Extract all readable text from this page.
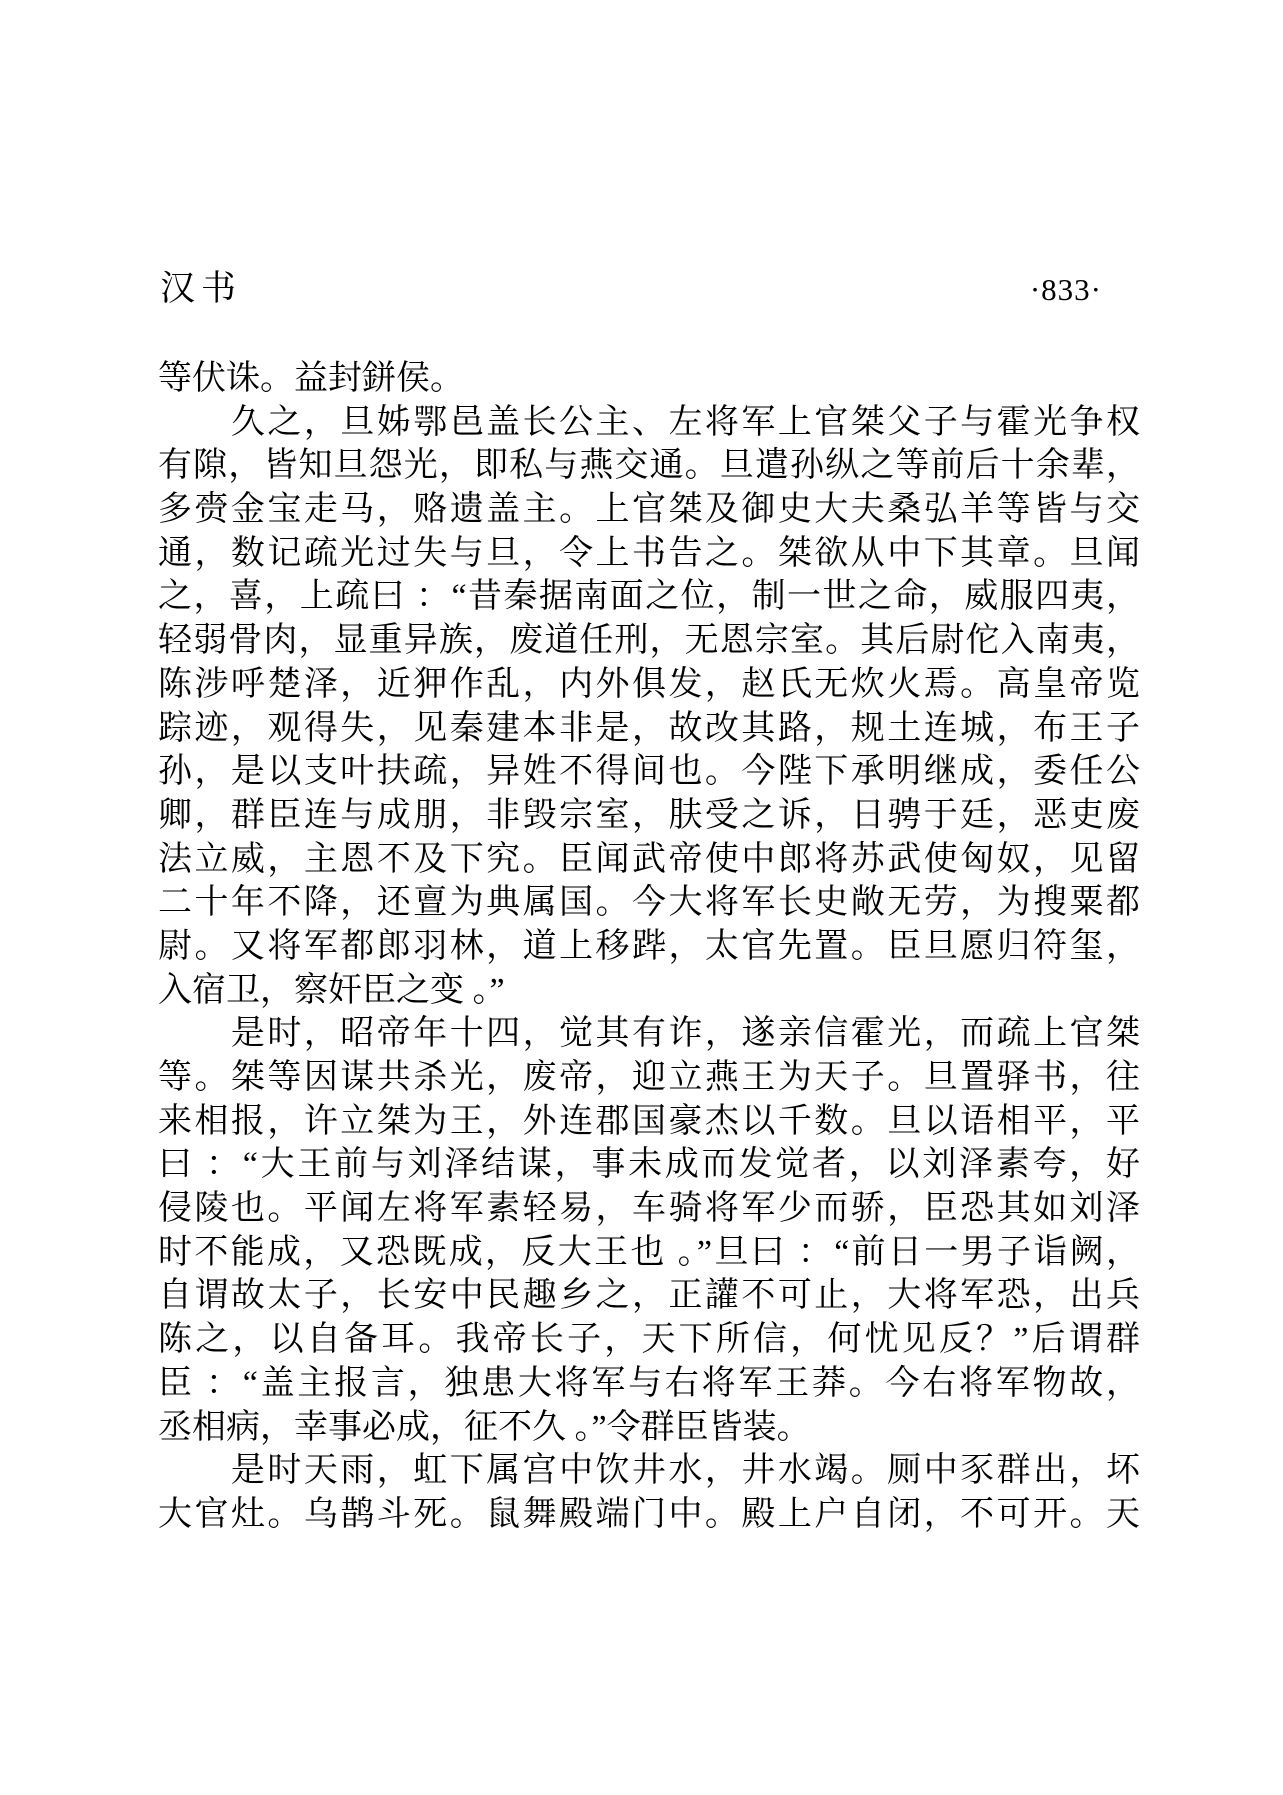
汉书	·833·
等伏诛。益封鉼侯。
　　久之，旦姊鄂邑盖长公主、左将军上官桀父子与霍光争权
有隙，皆知旦怨光，即私与燕交通。旦遣孙纵之等前后十余辈，
多赍金宝走马，赂遗盖主。上官桀及御史大夫桑弘羊等皆与交
通，数记疏光过失与旦，令上书告之。桀欲从中下其章。旦闻
之，喜，上疏曰 ：“昔秦据南面之位，制一世之命，威服四夷，
轻弱骨肉，显重异族，废道任刑，无恩宗室。其后尉佗入南夷，
陈涉呼楚泽，近狎作乱，内外俱发，赵氏无炊火焉。高皇帝览
踪迹，观得失，见秦建本非是，故改其路，规土连城，布王子
孙，是以支叶扶疏，异姓不得间也。今陛下承明继成，委任公
卿，群臣连与成朋，非毁宗室，肤受之诉，日骋于廷，恶吏废
法立威，主恩不及下究。臣闻武帝使中郎将苏武使匈奴，见留
二十年不降，还亶为典属国。今大将军长史敞无劳，为搜粟都
尉。又将军都郎羽林，道上移跸，太官先置。臣旦愿归符玺，
入宿卫，察奸臣之变 。”
　　是时，昭帝年十四，觉其有诈，遂亲信霍光，而疏上官桀
等。桀等因谋共杀光，废帝，迎立燕王为天子。旦置驿书，往
来相报，许立桀为王，外连郡国豪杰以千数。旦以语相平，平
曰 ：“大王前与刘泽结谋，事未成而发觉者，以刘泽素夸，好
侵陵也。平闻左将军素轻易，车骑将军少而骄，臣恐其如刘泽
时不能成，又恐既成，反大王也 。”旦曰 ：“前日一男子诣阙，
自谓故太子，长安中民趣乡之，正讙不可止，大将军恐，出兵
陈之，以自备耳。我帝长子，天下所信，何忧见反？”后谓群
臣 ：“盖主报言，独患大将军与右将军王莽。今右将军物故，
丞相病，幸事必成，征不久 。”令群臣皆装。
　　是时天雨，虹下属宫中饮井水，井水竭。厕中豕群出，坏
大官灶。乌鹊斗死。鼠舞殿端门中。殿上户自闭，不可开。天
